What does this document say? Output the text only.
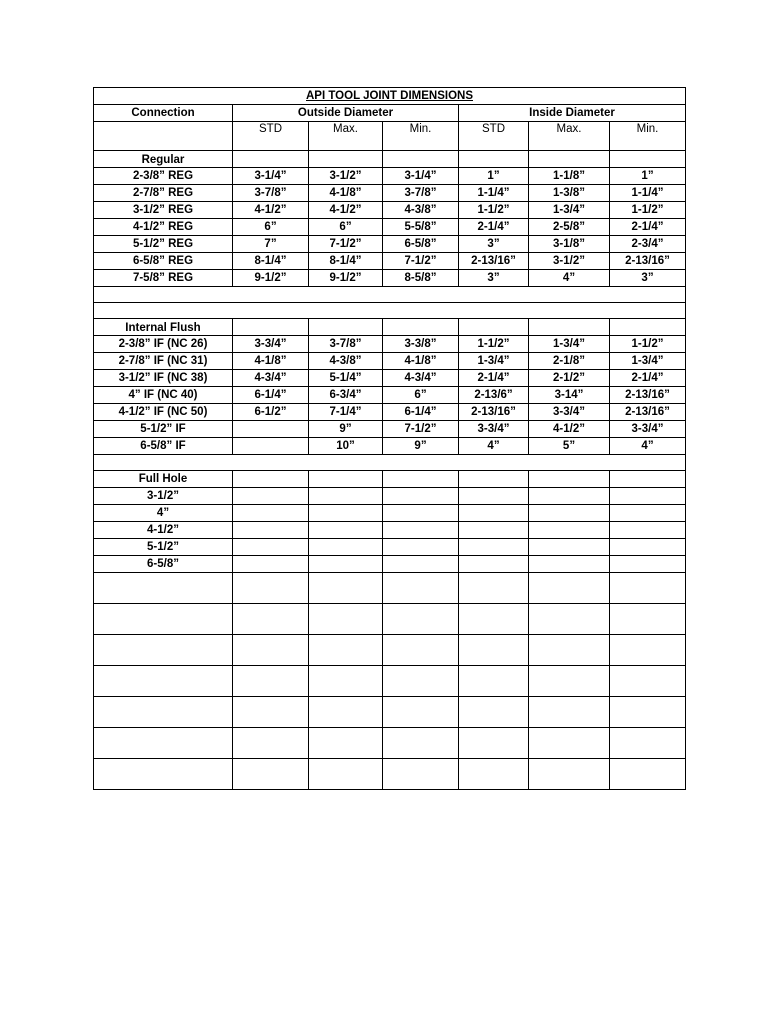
API TOOL JOINT DIMENSIONS						
Connection	Outside Diameter			Inside Diameter		
	STD	Max.	Min.	STD	Max.	Min.
Regular						
2-3/8” REG	3-1/4”	3-1/2”	3-1/4”	1”	1-1/8”	1”
2-7/8” REG	3-7/8”	4-1/8”	3-7/8”	1-1/4”	1-3/8”	1-1/4”
3-1/2” REG	4-1/2”	4-1/2”	4-3/8”	1-1/2”	1-3/4”	1-1/2”
4-1/2” REG	6”	6”	5-5/8”	2-1/4”	2-5/8”	2-1/4”
5-1/2” REG	7”	7-1/2”	6-5/8”	3”	3-1/8”	2-3/4”
6-5/8” REG	8-1/4”	8-1/4”	7-1/2”	2-13/16”	3-1/2”	2-13/16”
7-5/8” REG	9-1/2”	9-1/2”	8-5/8”	3”	4”	3”

Internal Flush						
2-3/8” IF (NC 26)	3-3/4”	3-7/8”	3-3/8”	1-1/2”	1-3/4”	1-1/2”
2-7/8” IF (NC 31)	4-1/8”	4-3/8”	4-1/8”	1-3/4”	2-1/8”	1-3/4”
3-1/2” IF (NC 38)	4-3/4”	5-1/4”	4-3/4”	2-1/4”	2-1/2”	2-1/4”
4” IF (NC 40)	6-1/4”	6-3/4”	6”	2-13/6”	3-14”	2-13/16”
4-1/2” IF (NC 50)	6-1/2”	7-1/4”	6-1/4”	2-13/16”	3-3/4”	2-13/16”
5-1/2” IF		9”	7-1/2”	3-3/4”	4-1/2”	3-3/4”
6-5/8” IF		10”	9”	4”	5”	4”

Full Hole						
3-1/2”						
4”						
4-1/2”						
5-1/2”						
6-5/8”						
